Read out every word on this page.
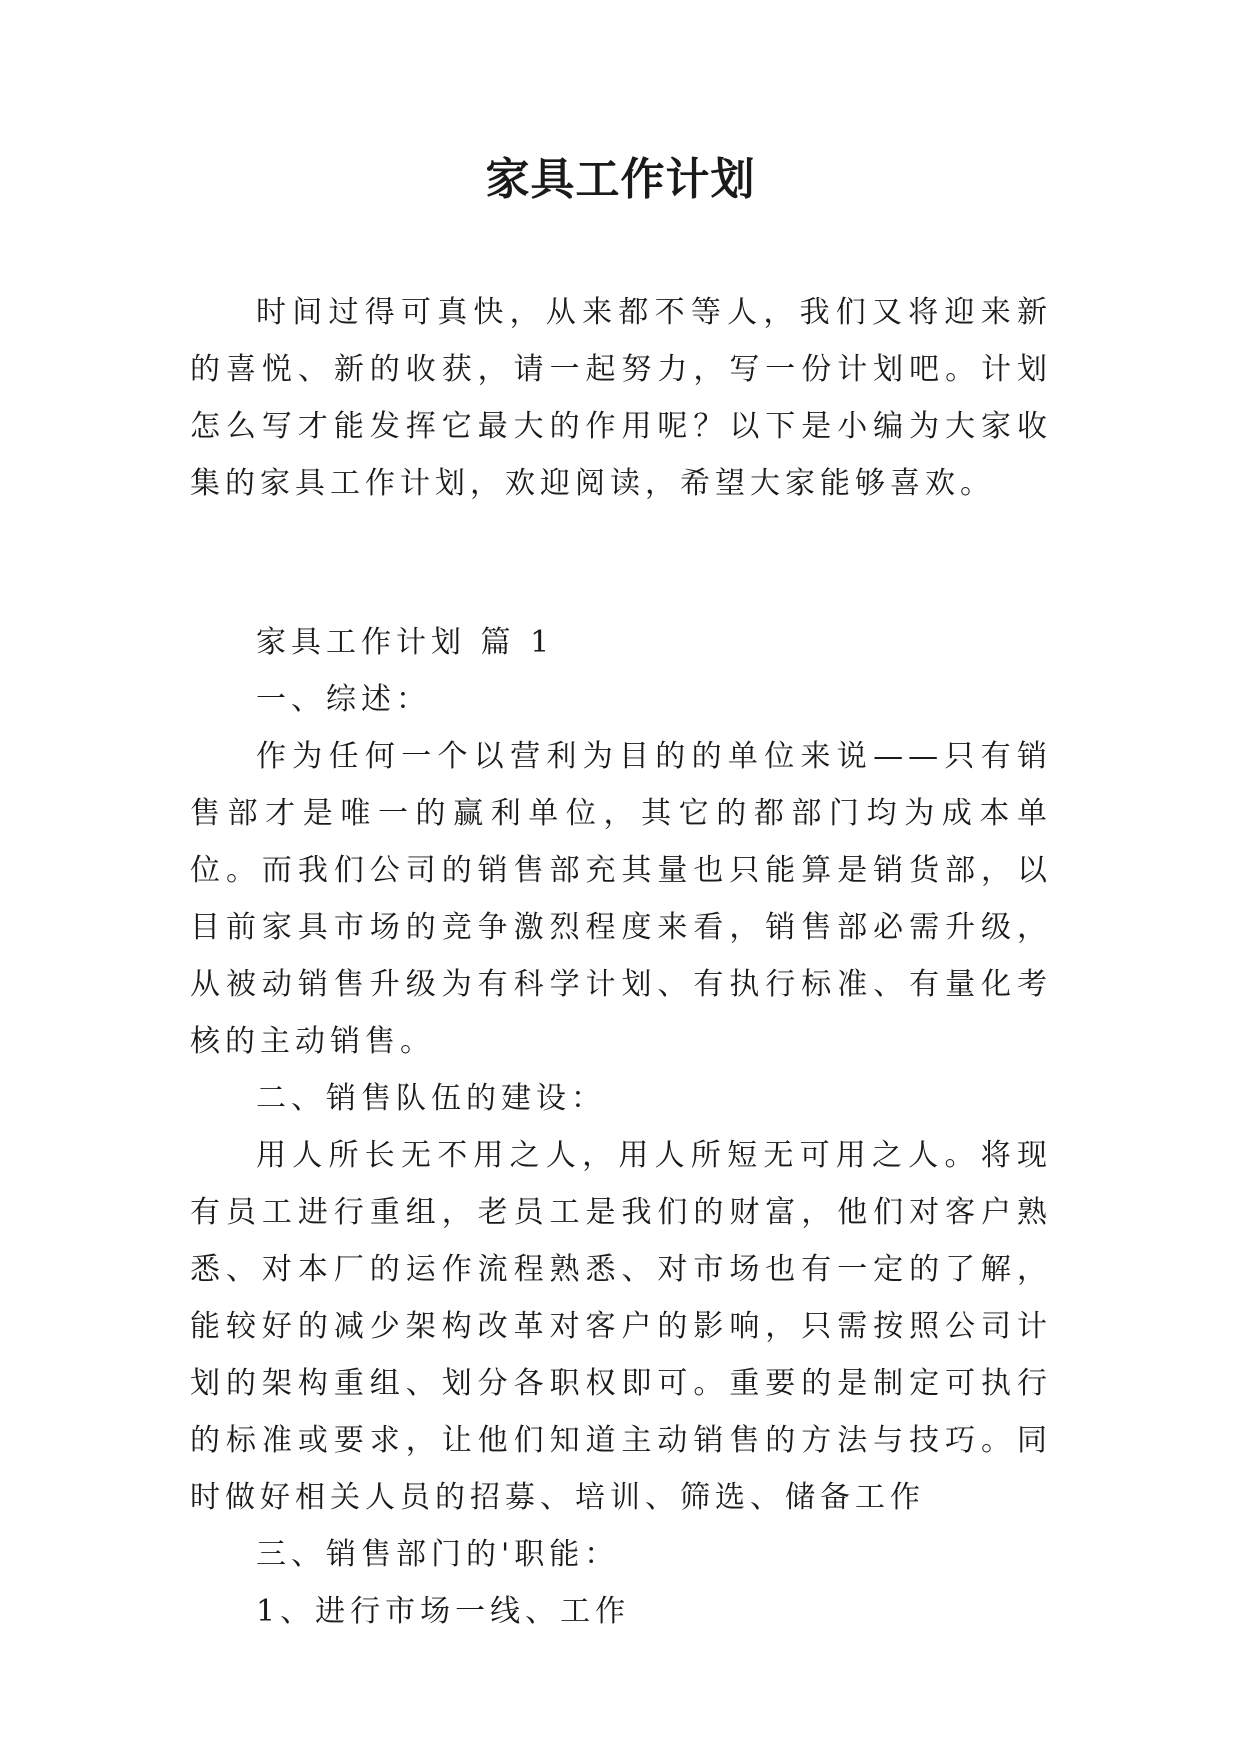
家具工作计划

时间过得可真快，从来都不等人，我们又将迎来新的喜悦、新的收获，请一起努力，写一份计划吧。计划怎么写才能发挥它最大的作用呢？以下是小编为大家收集的家具工作计划，欢迎阅读，希望大家能够喜欢。

家具工作计划 篇 1

一、综述：

作为任何一个以营利为目的的单位来说——只有销售部才是唯一的赢利单位，其它的都部门均为成本单位。而我们公司的销售部充其量也只能算是销货部，以目前家具市场的竞争激烈程度来看，销售部必需升级，从被动销售升级为有科学计划、有执行标准、有量化考核的主动销售。

二、销售队伍的建设：

用人所长无不用之人，用人所短无可用之人。将现有员工进行重组，老员工是我们的财富，他们对客户熟悉、对本厂的运作流程熟悉、对市场也有一定的了解，能较好的减少架构改革对客户的影响，只需按照公司计划的架构重组、划分各职权即可。重要的是制定可执行的标准或要求，让他们知道主动销售的方法与技巧。同时做好相关人员的招募、培训、筛选、储备工作

三、销售部门的'职能：

1、进行市场一线、工作
